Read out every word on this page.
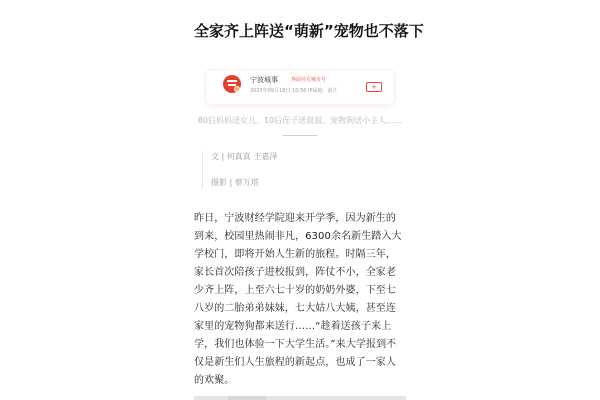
全家齐上阵送“萌新”宠物也不落下
宁波城事	界面官方城市号
2023年09月18日 10:56 IP属地：浙江	+
80后妈妈送女儿、10后侄子送叔叔、宠物狗送小主人……
文 | 何真真 王嘉泽
摄影 | 蔡万塔
昨日，宁波财经学院迎来开学季，因为新生的到来，校园里热闹非凡，6300余名新生踏入大学校门，即将开始人生新的旅程。时隔三年，家长首次陪孩子进校报到，阵仗不小，全家老少齐上阵，上至六七十岁的奶奶外婆，下至七八岁的二胎弟弟妹妹，七大姑八大姨，甚至连家里的宠物狗都来送行……“趁着送孩子来上学，我们也体验一下大学生活。”来大学报到不仅是新生们人生旅程的新起点，也成了一家人的欢聚。
